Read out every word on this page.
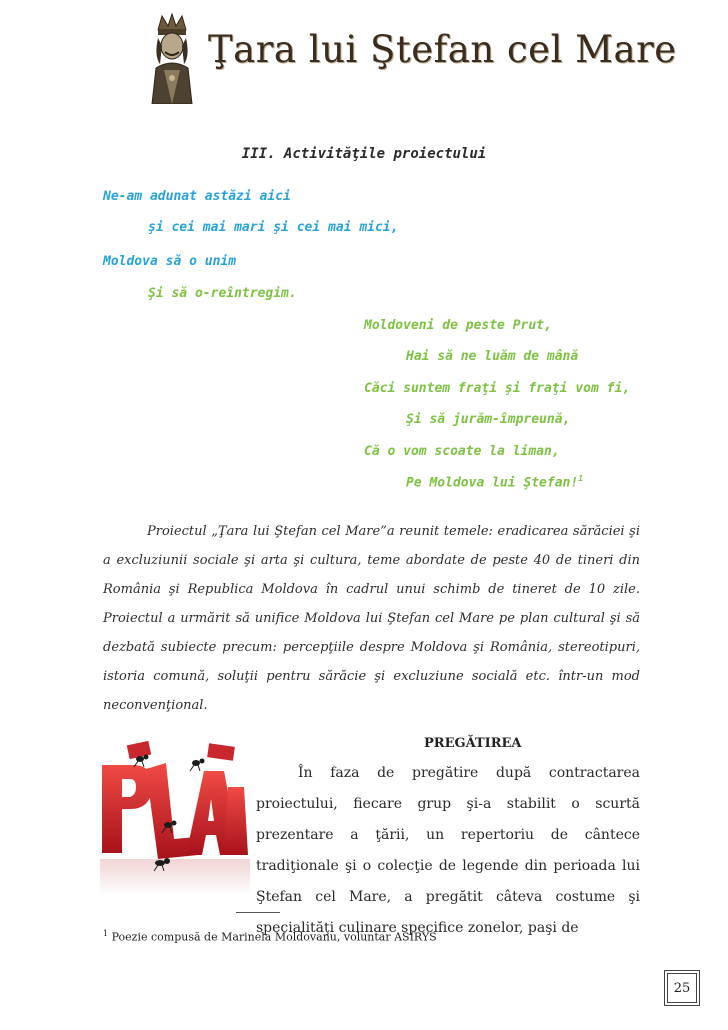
Ţara lui Ştefan cel Mare
III. Activităţile proiectului
Ne-am adunat astăzi aici
şi cei mai mari şi cei mai mici,
Moldova să o unim
Şi să o-reîntregim.
Moldoveni de peste Prut,
Hai să ne luăm de mână
Căci suntem fraţi şi fraţi vom fi,
Şi să jurăm-împreună,
Că o vom scoate la liman,
Pe Moldova lui Ştefan!$^1$
Proiectul „Ţara lui Ştefan cel Mare”a reunit temele: eradicarea sărăciei şi a excluziunii sociale şi arta şi cultura, teme abordate de peste 40 de tineri din România şi Republica Moldova în cadrul unui schimb de tineret de 10 zile. Proiectul a urmărit să unifice Moldova lui Ştefan cel Mare pe plan cultural şi să dezbată subiecte precum: percepţiile despre Moldova şi România, stereotipuri, istoria comună, soluţii pentru sărăcie şi excluziune socială etc. într-un mod neconvenţional.
PREGĂTIREA
În faza de pregătire după contractarea proiectului, fiecare grup şi-a stabilit o scurtă prezentare a ţării, un repertoriu de cântece tradiţionale şi o colecţie de legende din perioada lui Ştefan cel Mare, a pregătit câteva costume şi specialităţi culinare specifice zonelor, paşi de
$^1$ Poezie compusă de Marinela Moldovanu, voluntar ASIRYS
25
